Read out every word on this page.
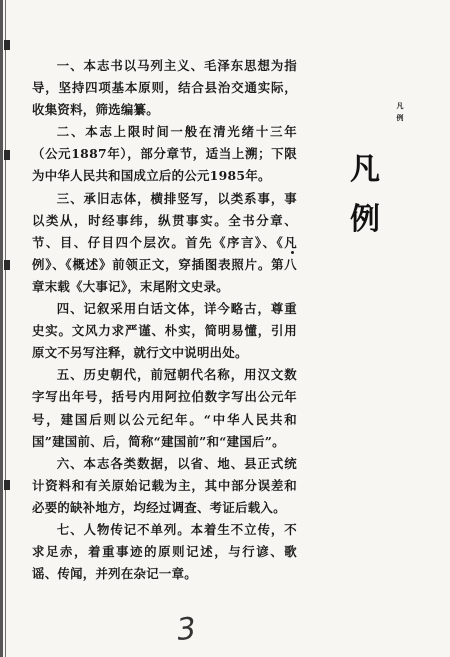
一、本志书以马列主义、毛泽东思想为指导，坚持四项基本原则，结合县治交通实际，收集资料，筛选编纂。

二、本志上限时间一般在清光绪十三年（公元1887年），部分章节，适当上溯；下限为中华人民共和国成立后的公元1985年。

三、承旧志体，横排竖写，以类系事，事以类从，时经事纬，纵贯事实。全书分章、节、目、仔目四个层次。首先《序言》、《凡例》、《概述》前领正文，穿插图表照片。第八章末载《大事记》，末尾附文史录。

四、记叙采用白话文体，详今略古，尊重史实。文风力求严谨、朴实，简明易懂，引用原文不另写注释，就行文中说明出处。

五、历史朝代，前冠朝代名称，用汉文数字写出年号，括号内用阿拉伯数字写出公元年号，建国后则以公元纪年。“中华人民共和国”建国前、后，简称“建国前”和“建国后”。

六、本志各类数据，以省、地、县正式统计资料和有关原始记载为主，其中部分误差和必要的缺补地方，均经过调查、考证后载入。

七、人物传记不单列。本着生不立传，不求足赤，着重事迹的原则记述，与行谚、歌谣、传闻，并列在杂记一章。

凡 例
凡 例
3
